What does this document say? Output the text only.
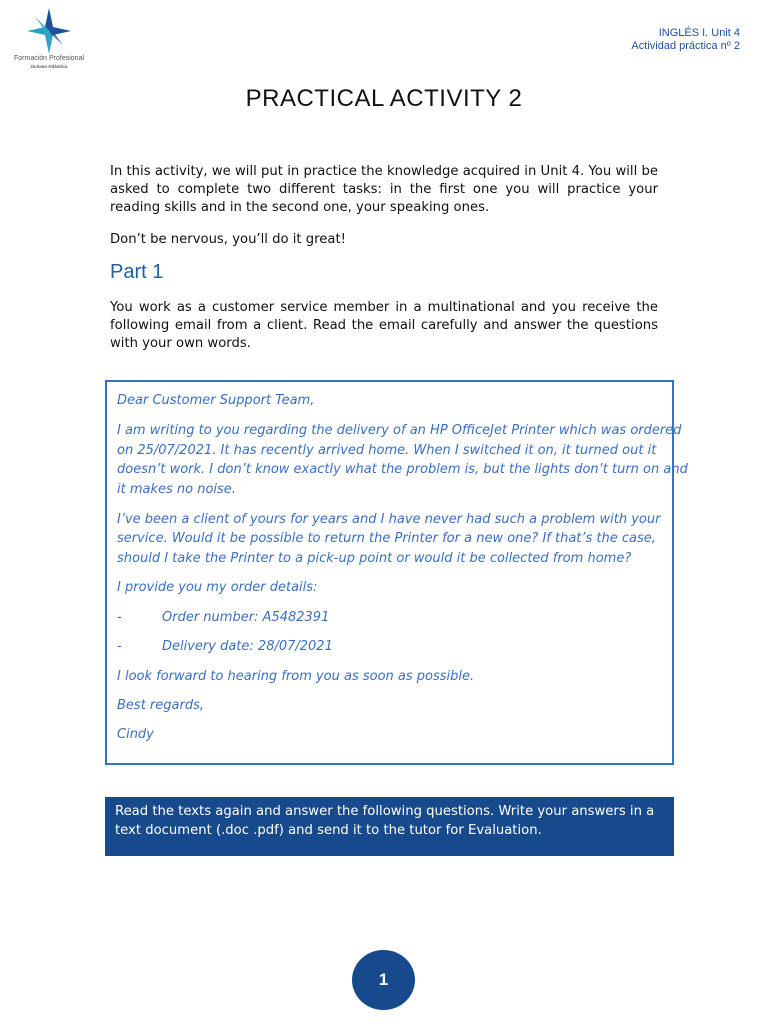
Formación Profesional
Océano Atlántico
INGLÉS I. Unit 4
Actividad práctica nº 2
PRACTICAL ACTIVITY 2

In this activity, we will put in practice the knowledge acquired in Unit 4. You will be asked to complete two different tasks: in the first one you will practice your reading skills and in the second one, your speaking ones.

Don’t be nervous, you’ll do it great!

Part 1

You work as a customer service member in a multinational and you receive the following email from a client. Read the email carefully and answer the questions with your own words.

Dear Customer Support Team,

I am writing to you regarding the delivery of an HP OfficeJet Printer which was ordered

on 25/07/2021. It has recently arrived home. When I switched it on, it turned out it

doesn’t work. I don’t know exactly what the problem is, but the lights don’t turn on and

it makes no noise.

I’ve been a client of yours for years and I have never had such a problem with your

service. Would it be possible to return the Printer for a new one? If that’s the case,

should I take the Printer to a pick-up point or would it be collected from home?

I provide you my order details:

-	Order number: A5482391
-	Delivery date: 28/07/2021

I look forward to hearing from you as soon as possible.

Best regards,

Cindy

Read the texts again and answer the following questions. Write your answers in a text document (.doc .pdf) and send it to the tutor for Evaluation.

1
